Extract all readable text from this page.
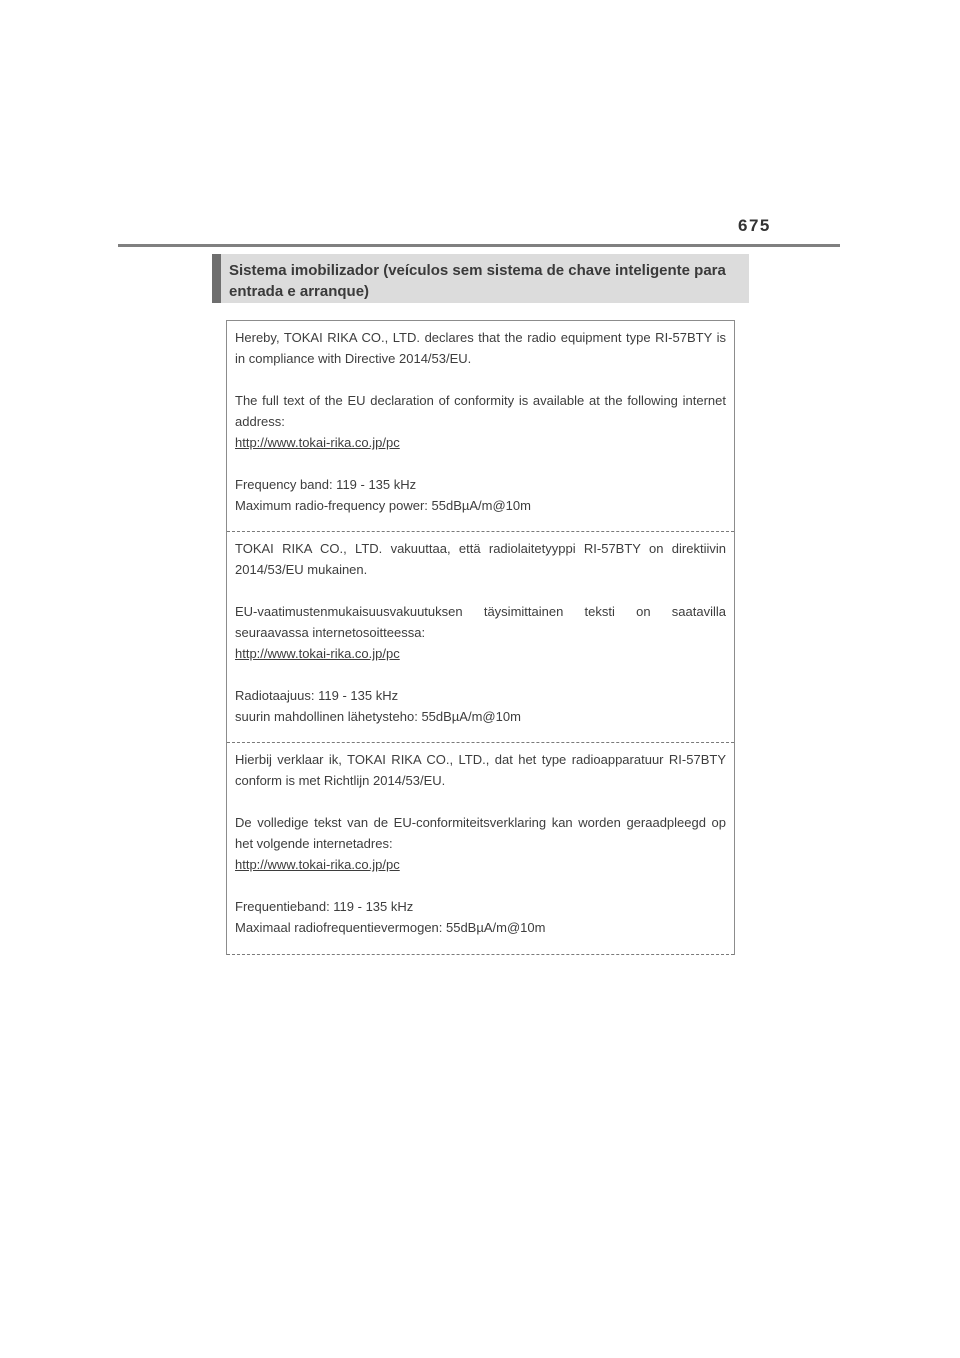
675
Sistema imobilizador (veículos sem sistema de chave inteligente para entrada e arranque)

Hereby, TOKAI RIKA CO., LTD. declares that the radio equipment type RI-57BTY is in compliance with Directive 2014/53/EU.

The full text of the EU declaration of conformity is available at the following internet address:

http://www.tokai-rika.co.jp/pc

Frequency band: 119 - 135 kHz

Maximum radio-frequency power: 55dBµA/m@10m

TOKAI RIKA CO., LTD. vakuuttaa, että radiolaitetyyppi RI-57BTY on direktiivin 2014/53/EU mukainen.

EU-vaatimustenmukaisuusvakuutuksen täysimittainen teksti on saatavilla seuraavassa internetosoitteessa:

http://www.tokai-rika.co.jp/pc

Radiotaajuus: 119 - 135 kHz

suurin mahdollinen lähetysteho: 55dBµA/m@10m

Hierbij verklaar ik, TOKAI RIKA CO., LTD., dat het type radioapparatuur RI-57BTY conform is met Richtlijn 2014/53/EU.

De volledige tekst van de EU-conformiteitsverklaring kan worden geraadpleegd op het volgende internetadres:

http://www.tokai-rika.co.jp/pc

Frequentieband: 119 - 135 kHz

Maximaal radiofrequentievermogen: 55dBµA/m@10m
